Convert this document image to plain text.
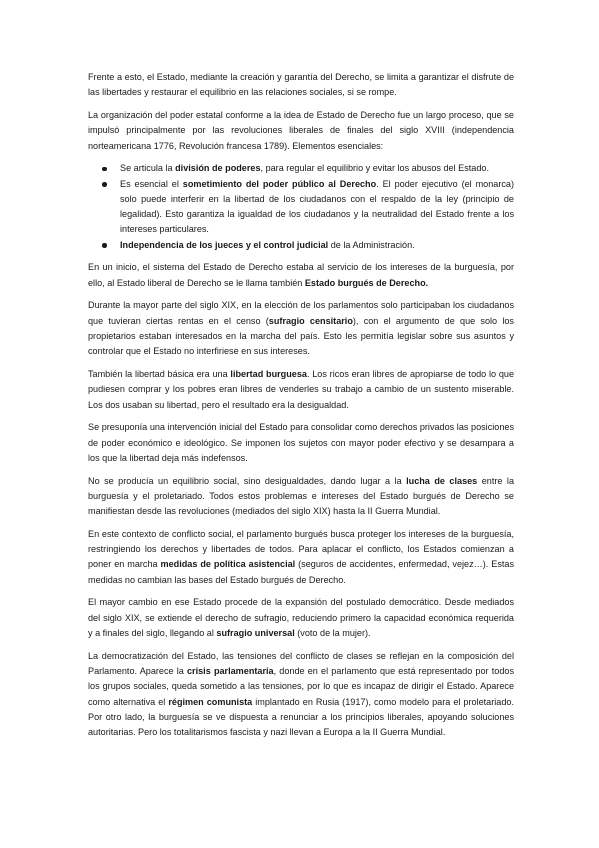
Frente a esto, el Estado, mediante la creación y garantía del Derecho, se limita a garantizar el disfrute de las libertades y restaurar el equilibrio en las relaciones sociales, si se rompe.

La organización del poder estatal conforme a la idea de Estado de Derecho fue un largo proceso, que se impulsó principalmente por las revoluciones liberales de finales del siglo XVIII (independencia norteamericana 1776, Revolución francesa 1789). Elementos esenciales:

Se articula la división de poderes, para regular el equilibrio y evitar los abusos del Estado.
Es esencial el sometimiento del poder público al Derecho. El poder ejecutivo (el monarca) solo puede interferir en la libertad de los ciudadanos con el respaldo de la ley (principio de legalidad). Esto garantiza la igualdad de los ciudadanos y la neutralidad del Estado frente a los intereses particulares.
Independencia de los jueces y el control judicial de la Administración.

En un inicio, el sistema del Estado de Derecho estaba al servicio de los intereses de la burguesía, por ello, al Estado liberal de Derecho se le llama también Estado burgués de Derecho.

Durante la mayor parte del siglo XIX, en la elección de los parlamentos solo participaban los ciudadanos que tuvieran ciertas rentas en el censo (sufragio censitario), con el argumento de que solo los propietarios estaban interesados en la marcha del país. Esto les permitía legislar sobre sus asuntos y controlar que el Estado no interfiriese en sus intereses.

También la libertad básica era una libertad burguesa. Los ricos eran libres de apropiarse de todo lo que pudiesen comprar y los pobres eran libres de venderles su trabajo a cambio de un sustento miserable. Los dos usaban su libertad, pero el resultado era la desigualdad.

Se presuponía una intervención inicial del Estado para consolidar como derechos privados las posiciones de poder económico e ideológico. Se imponen los sujetos con mayor poder efectivo y se desampara a los que la libertad deja más indefensos.

No se producía un equilibrio social, sino desigualdades, dando lugar a la lucha de clases entre la burguesía y el proletariado. Todos estos problemas e intereses del Estado burgués de Derecho se manifiestan desde las revoluciones (mediados del siglo XIX) hasta la II Guerra Mundial.

En este contexto de conflicto social, el parlamento burgués busca proteger los intereses de la burguesía, restringiendo los derechos y libertades de todos. Para aplacar el conflicto, los Estados comienzan a poner en marcha medidas de política asistencial (seguros de accidentes, enfermedad, vejez…). Estas medidas no cambian las bases del Estado burgués de Derecho.

El mayor cambio en ese Estado procede de la expansión del postulado democrático. Desde mediados del siglo XIX, se extiende el derecho de sufragio, reduciendo primero la capacidad económica requerida y a finales del siglo, llegando al sufragio universal (voto de la mujer).

La democratización del Estado, las tensiones del conflicto de clases se reflejan en la composición del Parlamento. Aparece la crisis parlamentaria, donde en el parlamento que está representado por todos los grupos sociales, queda sometido a las tensiones, por lo que es incapaz de dirigir el Estado. Aparece como alternativa el régimen comunista implantado en Rusia (1917), como modelo para el proletariado. Por otro lado, la burguesía se ve dispuesta a renunciar a los principios liberales, apoyando soluciones autoritarias. Pero los totalitarismos fascista y nazi llevan a Europa a la II Guerra Mundial.
